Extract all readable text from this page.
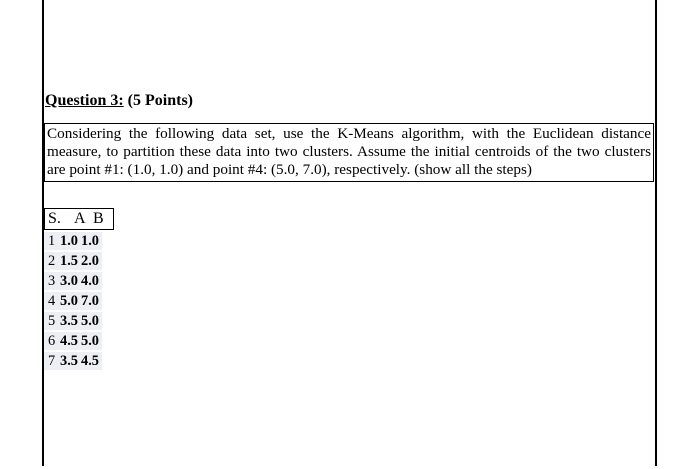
Question 3: (5 Points)
Considering the following data set, use the K-Means algorithm, with the Euclidean distance
measure, to partition these data into two clusters. Assume the initial centroids of the two clusters
are point #1: (1.0, 1.0) and point #4: (5.0, 7.0), respectively. (show all the steps)
S. A B
1 1.0 1.0
2 1.5 2.0
3 3.0 4.0
4 5.0 7.0
5 3.5 5.0
6 4.5 5.0
7 3.5 4.5
